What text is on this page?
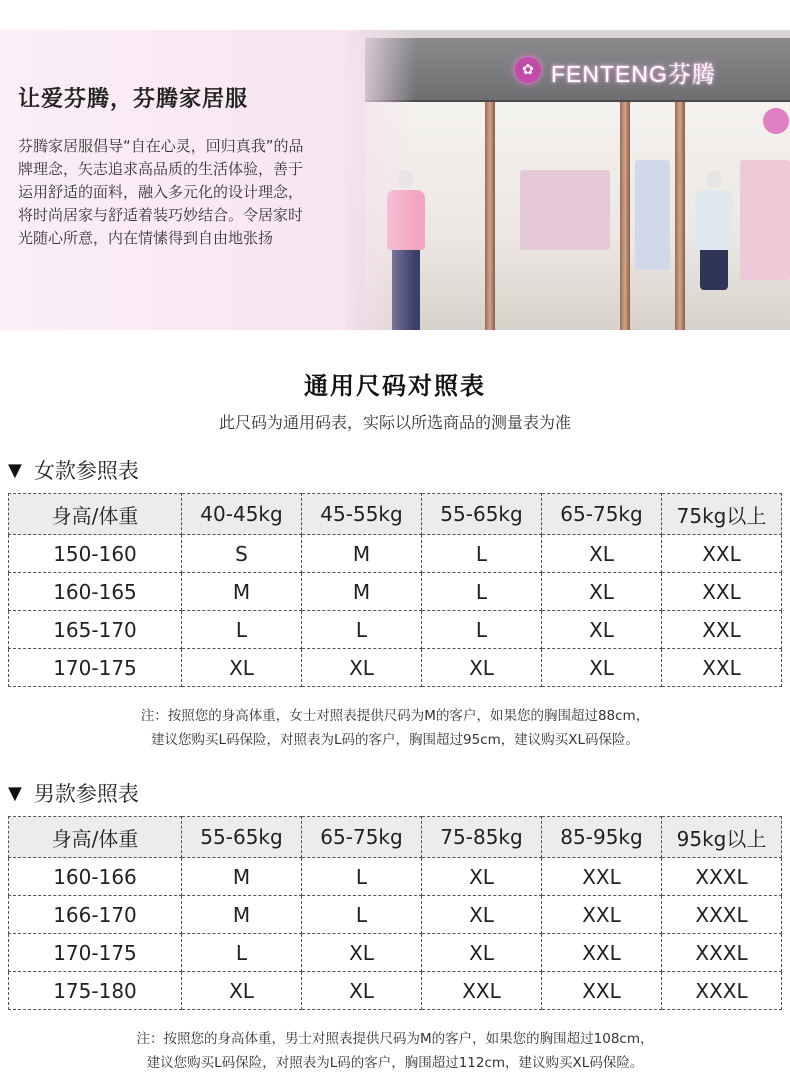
让爱芬腾，芬腾家居服

芬腾家居服倡导“自在心灵，回归真我”的品
牌理念，矢志追求高品质的生活体验，善于
运用舒适的面料，融入多元化的设计理念，
将时尚居家与舒适着装巧妙结合。令居家时
光随心所意，内在情愫得到自由地张扬

✿ FENTENG芬腾
通用尺码对照表

此尺码为通用码表，实际以所选商品的测量表为准

▼ 女款参照表
身高/体重	40-45kg	45-55kg	55-65kg	65-75kg	75kg以上
150-160	S	M	L	XL	XXL
160-165	M	M	L	XL	XXL
165-170	L	L	L	XL	XXL
170-175	XL	XL	XL	XL	XXL

注：按照您的身高体重，女士对照表提供尺码为M的客户，如果您的胸围超过88cm，
建议您购买L码保险，对照表为L码的客户，胸围超过95cm，建议购买XL码保险。

▼ 男款参照表
身高/体重	55-65kg	65-75kg	75-85kg	85-95kg	95kg以上
160-166	M	L	XL	XXL	XXXL
166-170	M	L	XL	XXL	XXXL
170-175	L	XL	XL	XXL	XXXL
175-180	XL	XL	XXL	XXL	XXXL

注：按照您的身高体重，男士对照表提供尺码为M的客户，如果您的胸围超过108cm，
建议您购买L码保险，对照表为L码的客户，胸围超过112cm，建议购买XL码保险。
